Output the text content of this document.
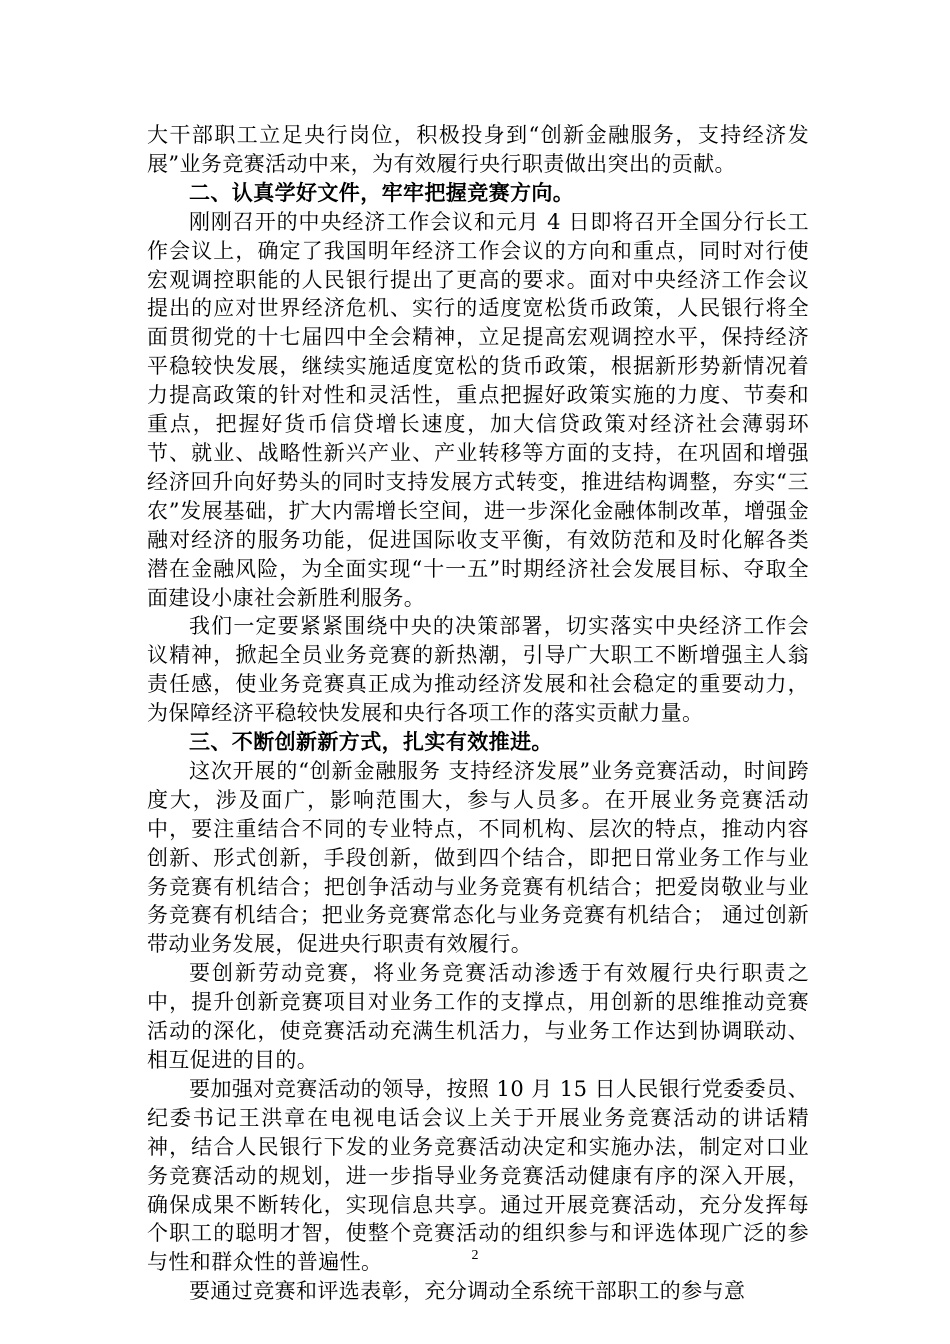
大干部职工立足央行岗位，积极投身到“创新金融服务，支持经济发展”业务竞赛活动中来，为有效履行央行职责做出突出的贡献。

二、认真学好文件，牢牢把握竞赛方向。

刚刚召开的中央经济工作会议和元月 4 日即将召开全国分行长工作会议上，确定了我国明年经济工作会议的方向和重点，同时对行使宏观调控职能的人民银行提出了更高的要求。面对中央经济工作会议提出的应对世界经济危机、实行的适度宽松货币政策，人民银行将全面贯彻党的十七届四中全会精神，立足提高宏观调控水平，保持经济平稳较快发展，继续实施适度宽松的货币政策，根据新形势新情况着力提高政策的针对性和灵活性，重点把握好政策实施的力度、节奏和重点，把握好货币信贷增长速度，加大信贷政策对经济社会薄弱环节、就业、战略性新兴产业、产业转移等方面的支持，在巩固和增强经济回升向好势头的同时支持发展方式转变，推进结构调整，夯实“三农”发展基础，扩大内需增长空间，进一步深化金融体制改革，增强金融对经济的服务功能，促进国际收支平衡，有效防范和及时化解各类潜在金融风险，为全面实现“十一五”时期经济社会发展目标、夺取全面建设小康社会新胜利服务。

我们一定要紧紧围绕中央的决策部署，切实落实中央经济工作会议精神，掀起全员业务竞赛的新热潮，引导广大职工不断增强主人翁责任感，使业务竞赛真正成为推动经济发展和社会稳定的重要动力，为保障经济平稳较快发展和央行各项工作的落实贡献力量。

三、不断创新新方式，扎实有效推进。

这次开展的“创新金融服务 支持经济发展”业务竞赛活动，时间跨度大，涉及面广，影响范围大，参与人员多。在开展业务竞赛活动中，要注重结合不同的专业特点，不同机构、层次的特点，推动内容创新、形式创新，手段创新，做到四个结合，即把日常业务工作与业务竞赛有机结合；把创争活动与业务竞赛有机结合；把爱岗敬业与业务竞赛有机结合；把业务竞赛常态化与业务竞赛有机结合； 通过创新带动业务发展，促进央行职责有效履行。

要创新劳动竞赛，将业务竞赛活动渗透于有效履行央行职责之中，提升创新竞赛项目对业务工作的支撑点，用创新的思维推动竞赛活动的深化，使竞赛活动充满生机活力，与业务工作达到协调联动、相互促进的目的。

要加强对竞赛活动的领导，按照 10 月 15 日人民银行党委委员、纪委书记王洪章在电视电话会议上关于开展业务竞赛活动的讲话精神，结合人民银行下发的业务竞赛活动决定和实施办法，制定对口业务竞赛活动的规划，进一步指导业务竞赛活动健康有序的深入开展，确保成果不断转化，实现信息共享。通过开展竞赛活动，充分发挥每个职工的聪明才智，使整个竞赛活动的组织参与和评选体现广泛的参与性和群众性的普遍性。

要通过竞赛和评选表彰，充分调动全系统干部职工的参与意

2
